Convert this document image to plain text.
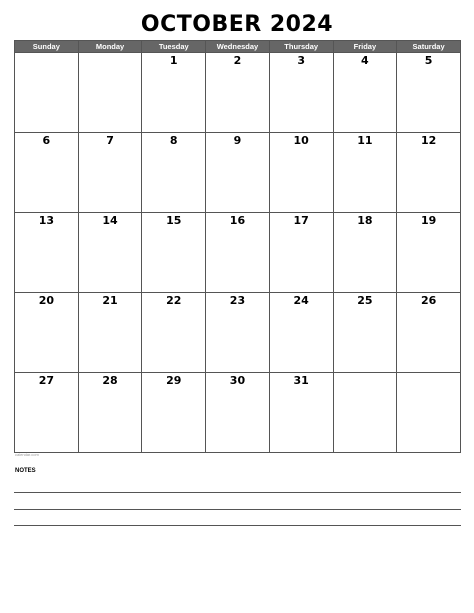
OCTOBER 2024
Sunday	Monday	Tuesday	Wednesday	Thursday	Friday	Saturday

		1	2	3	4	5

6	7	8	9	10	11	12

13	14	15	16	17	18	19

20	21	22	23	24	25	26

27	28	29	30	31		

calendar.com
NOTES
